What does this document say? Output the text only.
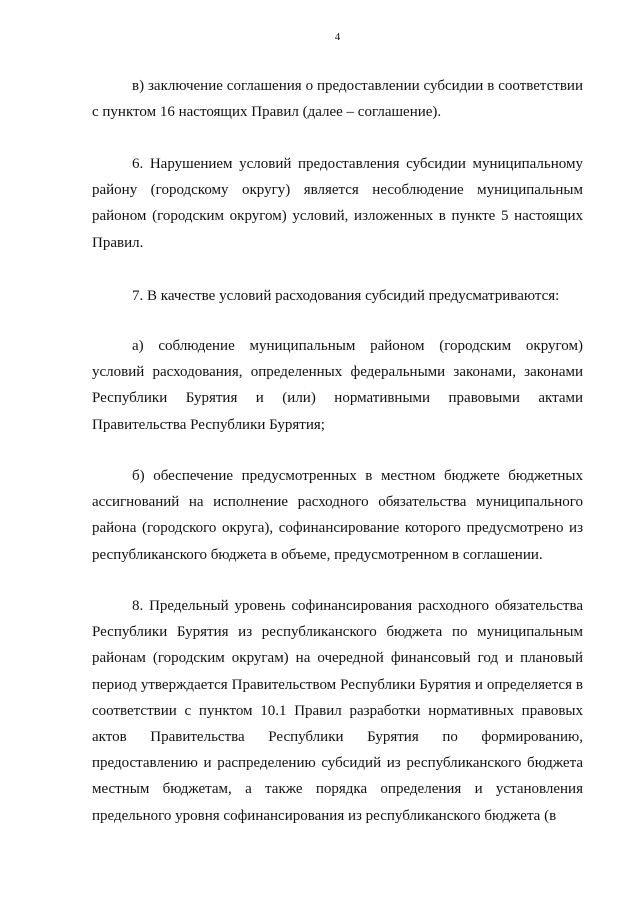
4

в) заключение соглашения о предоставлении субсидии в соответствии с пунктом 16 настоящих Правил (далее – соглашение).

6. Нарушением условий предоставления субсидии муниципальному району (городскому округу) является несоблюдение муниципальным районом (городским округом) условий, изложенных в пункте 5 настоящих Правил.

7. В качестве условий расходования субсидий предусматриваются:

а) соблюдение муниципальным районом (городским округом) условий расходования, определенных федеральными законами, законами Республики Бурятия и (или) нормативными правовыми актами Правительства Республики Бурятия;

б) обеспечение предусмотренных в местном бюджете бюджетных ассигнований на исполнение расходного обязательства муниципального района (городского округа), софинансирование которого предусмотрено из республиканского бюджета в объеме, предусмотренном в соглашении.

8. Предельный уровень софинансирования расходного обязательства Республики Бурятия из республиканского бюджета по муниципальным районам (городским округам) на очередной финансовый год и плановый период утверждается Правительством Республики Бурятия и определяется в соответствии с пунктом 10.1 Правил разработки нормативных правовых актов Правительства Республики Бурятия по формированию, предоставлению и распределению субсидий из республиканского бюджета местным бюджетам, а также порядка определения и установления предельного уровня софинансирования из республиканского бюджета (в
